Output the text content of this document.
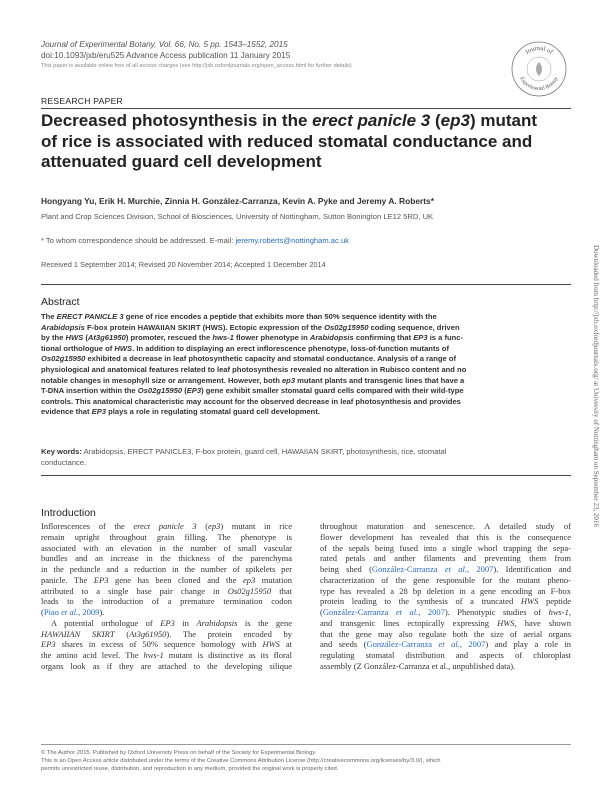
Journal of Experimental Botany, Vol. 66, No. 5 pp. 1543–1552, 2015
doi:10.1093/jxb/eru525 Advance Access publication 11 January 2015
This paper is available online free of all access charges (see http://jxb.oxfordjournals.org/open_access.html for further details)
Journal of
Experimental Botany
RESEARCH PAPER
Decreased photosynthesis in the erect panicle 3 (ep3) mutant
of rice is associated with reduced stomatal conductance and
attenuated guard cell development
Hongyang Yu, Erik H. Murchie, Zinnia H. González-Carranza, Kevin A. Pyke and Jeremy A. Roberts*
Plant and Crop Sciences Division, School of Biosciences, University of Nottingham, Sutton Bonington LE12 5RD, UK
* To whom correspondence should be addressed. E-mail: jeremy.roberts@nottingham.ac.uk
Received 1 September 2014; Revised 20 November 2014; Accepted 1 December 2014
Abstract
The ERECT PANICLE 3 gene of rice encodes a peptide that exhibits more than 50% sequence identity with the
Arabidopsis F-box protein HAWAIIAN SKIRT (HWS). Ectopic expression of the Os02g15950 coding sequence, driven
by the HWS (At3g61950) promoter, rescued the hws-1 flower phenotype in Arabidopsis confirming that EP3 is a func-
tional orthologue of HWS. In addition to displaying an erect inflorescence phenotype, loss-of-function mutants of
Os02g15950 exhibited a decrease in leaf photosynthetic capacity and stomatal conductance. Analysis of a range of
physiological and anatomical features related to leaf photosynthesis revealed no alteration in Rubisco content and no
notable changes in mesophyll size or arrangement. However, both ep3 mutant plants and transgenic lines that have a
T-DNA insertion within the Os02g15950 (EP3) gene exhibit smaller stomatal guard cells compared with their wild-type
controls. This anatomical characteristic may account for the observed decrease in leaf photosynthesis and provides
evidence that EP3 plays a role in regulating stomatal guard cell development.
Key words: Arabidopsis, ERECT PANICLE3, F-box protein, guard cell, HAWAIIAN SKIRT, photosynthesis, rice, stomatal
conductance.
Introduction
Inflorescences of the erect panicle 3 (ep3) mutant in rice
remain upright throughout grain filling. The phenotype is
associated with an elevation in the number of small vascular
bundles and an increase in the thickness of the parenchyma
in the peduncle and a reduction in the number of spikelets per
panicle. The EP3 gene has been cloned and the ep3 mutation
attributed to a single base pair change in Os02g15950 that
leads to the introduction of a premature termination codon
(Piao et al., 2009).
A potential orthologue of EP3 in Arabidopsis is the gene
HAWAIIAN SKIRT (At3g61950). The protein encoded by
EP3 shares in excess of 50% sequence homology with HWS at
the amino acid level. The hws-1 mutant is distinctive as its floral
organs look as if they are attached to the developing silique
throughout maturation and senescence. A detailed study of
flower development has revealed that this is the consequence
of the sepals being fused into a single whorl trapping the sepa-
rated petals and anther filaments and preventing them from
being shed (González-Carranza et al., 2007). Identification and
characterization of the gene responsible for the mutant pheno-
type has revealed a 28 bp deletion in a gene encoding an F-box
protein leading to the synthesis of a truncated HWS peptide
(González-Carranza et al., 2007). Phenotypic studies of hws-1,
and transgenic lines ectopically expressing HWS, have shown
that the gene may also regulate both the size of aerial organs
and seeds (González-Carranza et al., 2007) and play a role in
regulating stomatal distribution and aspects of chloroplast
assembly (Z González-Carranza et al., unpublished data).
© The Author 2015. Published by Oxford University Press on behalf of the Society for Experimental Biology.
This is an Open Access article distributed under the terms of the Creative Commons Attribution License (http://creativecommons.org/licenses/by/3.0/), which
permits unrestricted reuse, distribution, and reproduction in any medium, provided the original work is properly cited.
Downloaded from http://jxb.oxfordjournals.org/ at University of Nottingham on September 23, 2016
